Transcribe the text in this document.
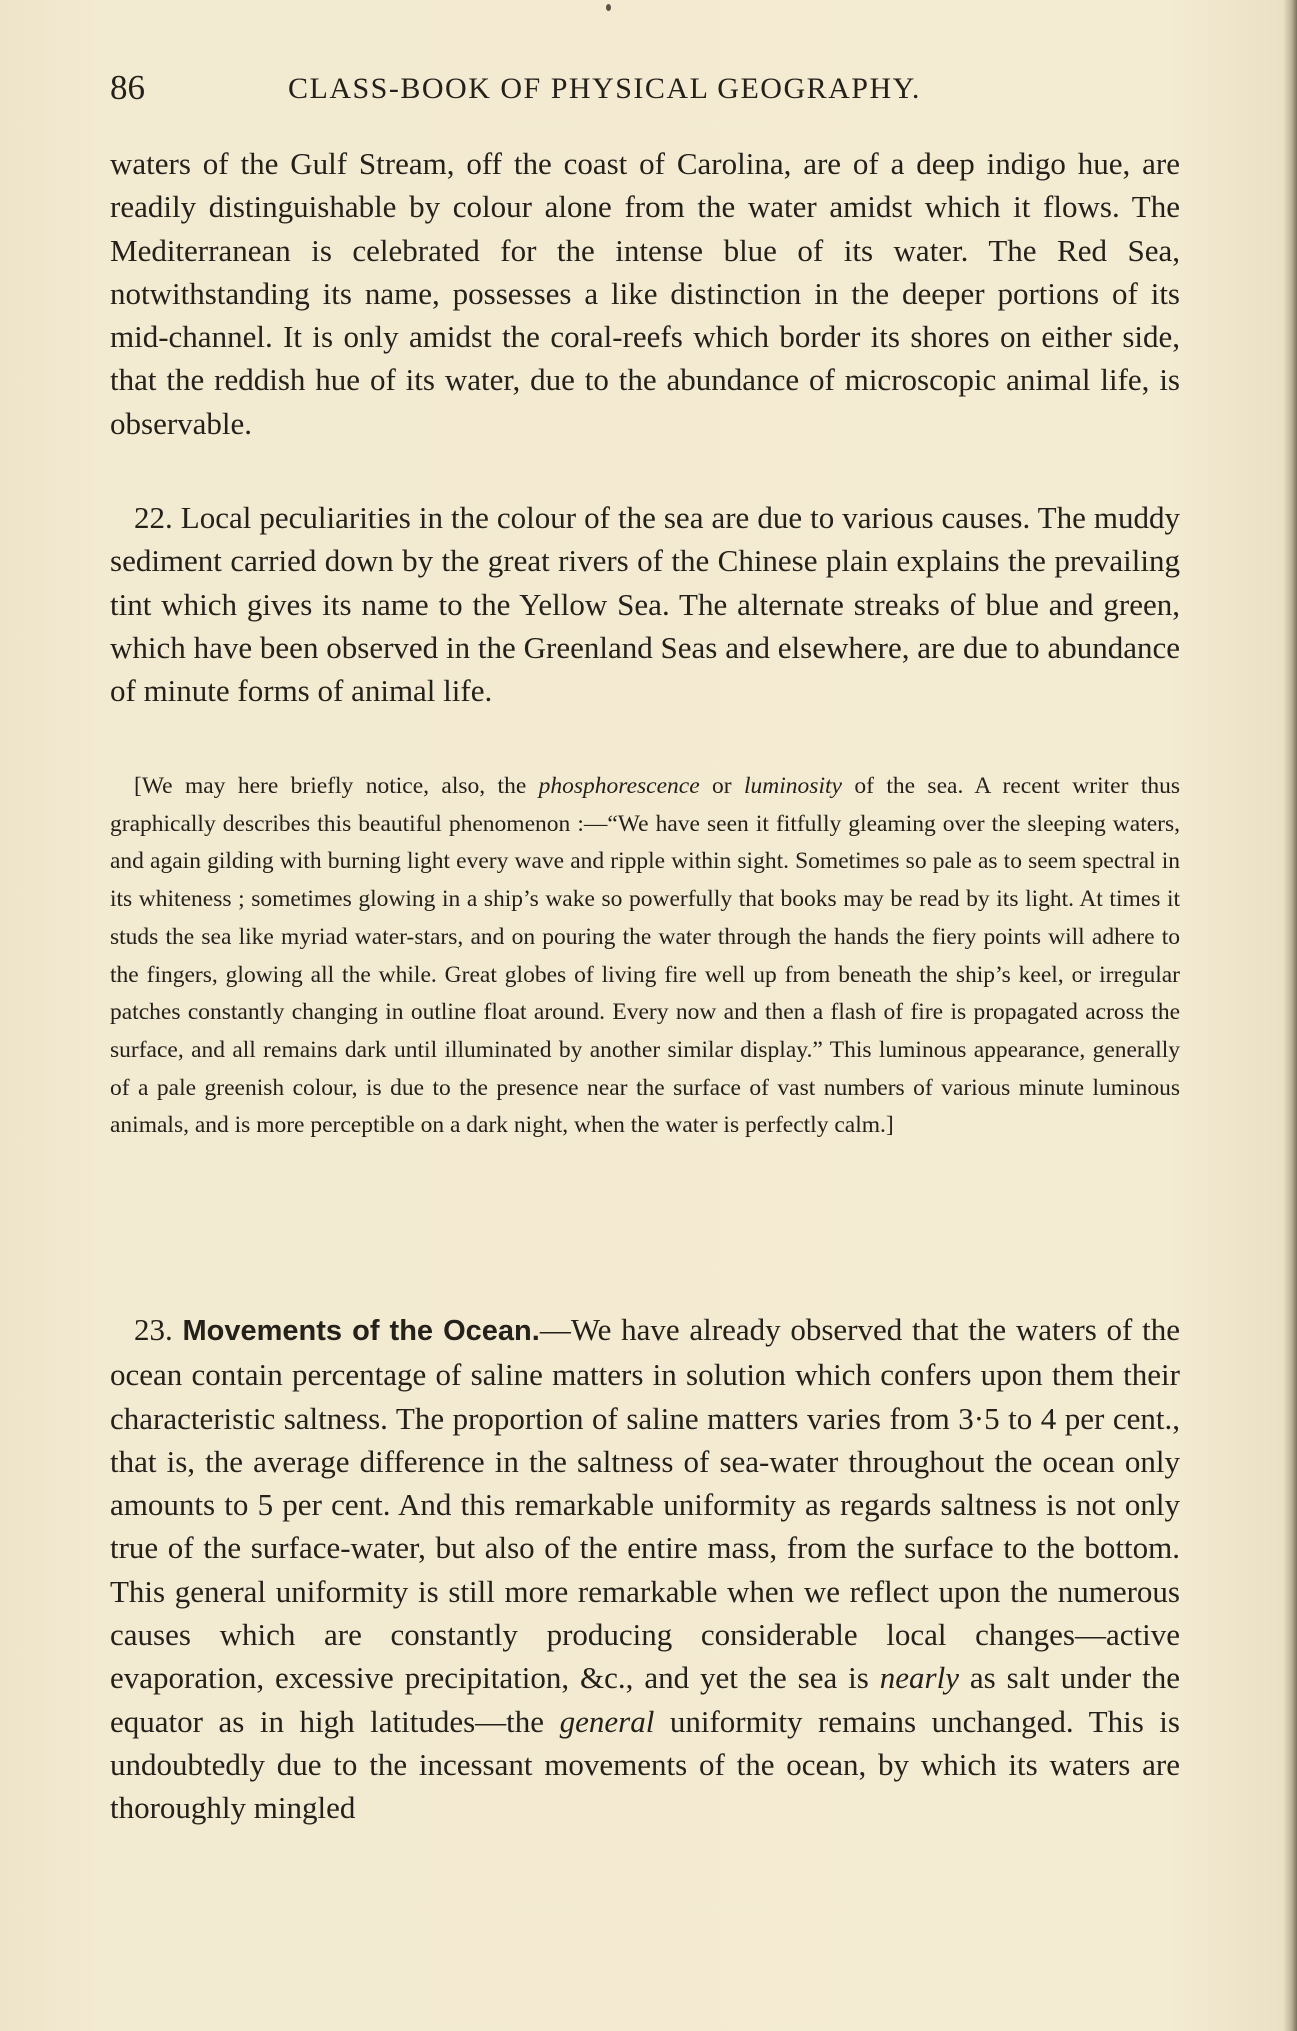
86	CLASS-BOOK OF PHYSICAL GEOGRAPHY.

waters of the Gulf Stream, off the coast of Carolina, are of a deep indigo hue, are readily distinguishable by colour alone from the water amidst which it flows. The Mediterranean is celebrated for the intense blue of its water. The Red Sea, notwithstanding its name, possesses a like distinction in the deeper portions of its mid-channel. It is only amidst the coral-reefs which border its shores on either side, that the reddish hue of its water, due to the abundance of microscopic animal life, is observable.

22. Local peculiarities in the colour of the sea are due to various causes. The muddy sediment carried down by the great rivers of the Chinese plain explains the prevailing tint which gives its name to the Yellow Sea. The alternate streaks of blue and green, which have been observed in the Greenland Seas and elsewhere, are due to abundance of minute forms of animal life.

[We may here briefly notice, also, the phosphorescence or luminosity of the sea. A recent writer thus graphically describes this beautiful phenomenon :—“We have seen it fitfully gleaming over the sleeping waters, and again gilding with burning light every wave and ripple within sight. Sometimes so pale as to seem spectral in its whiteness ; sometimes glowing in a ship’s wake so powerfully that books may be read by its light. At times it studs the sea like myriad water-stars, and on pouring the water through the hands the fiery points will adhere to the fingers, glowing all the while. Great globes of living fire well up from beneath the ship’s keel, or irregular patches constantly changing in outline float around. Every now and then a flash of fire is propagated across the surface, and all remains dark until illuminated by another similar display.” This luminous appearance, generally of a pale greenish colour, is due to the presence near the surface of vast numbers of various minute luminous animals, and is more perceptible on a dark night, when the water is perfectly calm.]

23. Movements of the Ocean.—We have already observed that the waters of the ocean contain percentage of saline matters in solution which confers upon them their characteristic saltness. The proportion of saline matters varies from 3·5 to 4 per cent., that is, the average difference in the saltness of sea-water throughout the ocean only amounts to 5 per cent. And this remarkable uniformity as regards saltness is not only true of the surface-water, but also of the entire mass, from the surface to the bottom. This general uniformity is still more remarkable when we reflect upon the numerous causes which are constantly producing considerable local changes—active evaporation, excessive precipitation, &c., and yet the sea is nearly as salt under the equator as in high latitudes—the general uniformity remains unchanged. This is undoubtedly due to the incessant movements of the ocean, by which its waters are thoroughly mingled
